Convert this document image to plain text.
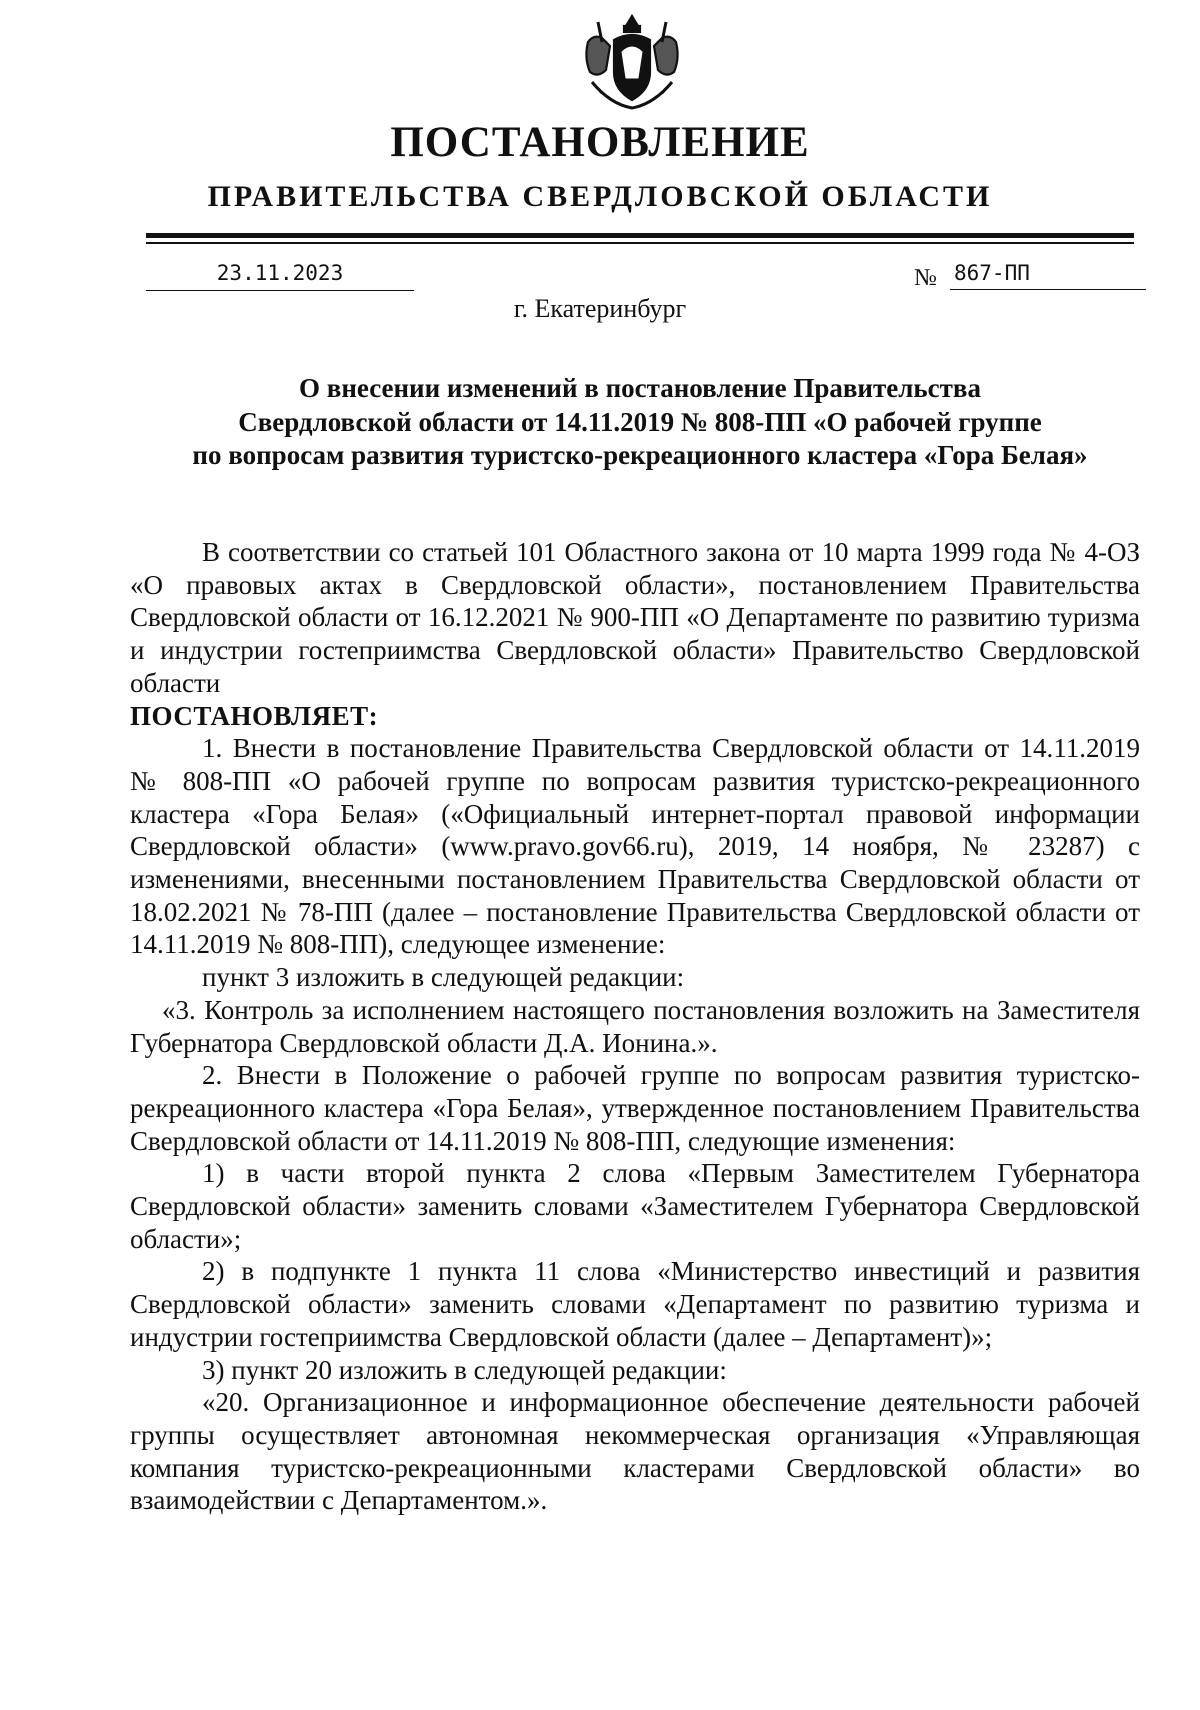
ПОСТАНОВЛЕНИЕ
ПРАВИТЕЛЬСТВА СВЕРДЛОВСКОЙ ОБЛАСТИ
23.11.2023	№ 867-ПП
г. Екатеринбург
О внесении изменений в постановление Правительства
Свердловской области от 14.11.2019 № 808-ПП «О рабочей группе
по вопросам развития туристско-рекреационного кластера «Гора Белая»

В соответствии со статьей 101 Областного закона от 10 марта 1999 года № 4-ОЗ «О правовых актах в Свердловской области», постановлением Правительства Свердловской области от 16.12.2021 № 900-ПП «О Департаменте по развитию туризма и индустрии гостеприимства Свердловской области» Правительство Свердловской области

ПОСТАНОВЛЯЕТ:

1. Внести в постановление Правительства Свердловской области от 14.11.2019 № 808-ПП «О рабочей группе по вопросам развития туристско-рекреационного кластера «Гора Белая» («Официальный интернет-портал правовой информации Свердловской области» (www.pravo.gov66.ru), 2019, 14 ноября, № 23287) с изменениями, внесенными постановлением Правительства Свердловской области от 18.02.2021 № 78-ПП (далее – постановление Правительства Свердловской области от 14.11.2019 № 808-ПП), следующее изменение:

пункт 3 изложить в следующей редакции:

«3. Контроль за исполнением настоящего постановления возложить на Заместителя Губернатора Свердловской области Д.А. Ионина.».

2. Внести в Положение о рабочей группе по вопросам развития туристско-рекреационного кластера «Гора Белая», утвержденное постановлением Правительства Свердловской области от 14.11.2019 № 808-ПП, следующие изменения:

1) в части второй пункта 2 слова «Первым Заместителем Губернатора Свердловской области» заменить словами «Заместителем Губернатора Свердловской области»;

2) в подпункте 1 пункта 11 слова «Министерство инвестиций и развития Свердловской области» заменить словами «Департамент по развитию туризма и индустрии гостеприимства Свердловской области (далее – Департамент)»;

3) пункт 20 изложить в следующей редакции:

«20. Организационное и информационное обеспечение деятельности рабочей группы осуществляет автономная некоммерческая организация «Управляющая компания туристско-рекреационными кластерами Свердловской области» во взаимодействии с Департаментом.».
